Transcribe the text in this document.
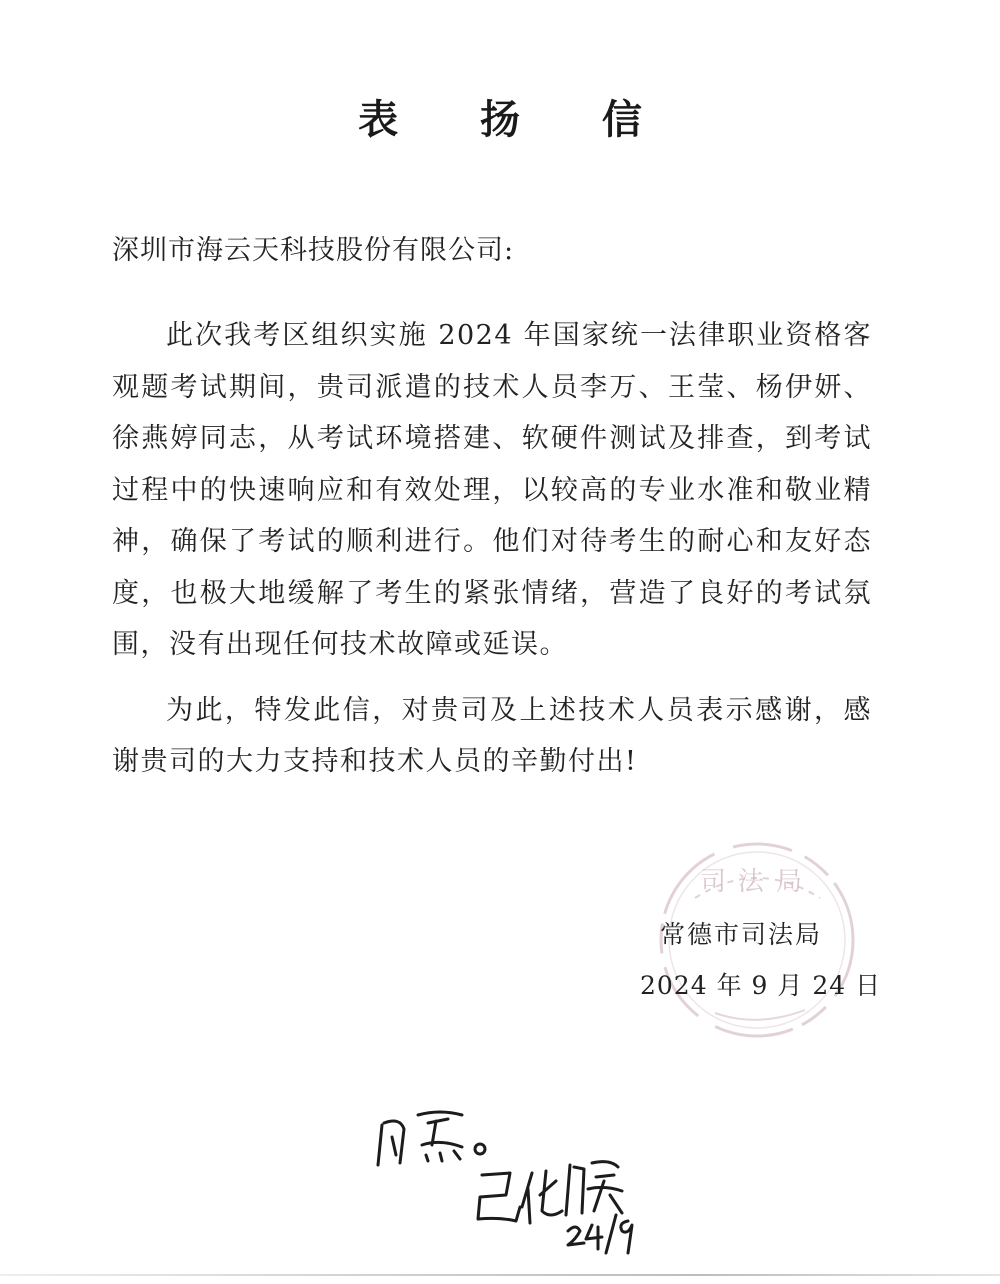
表 扬 信
深圳市海云天科技股份有限公司:

此次我考区组织实施 2024 年国家统一法律职业资格客观题考试期间，贵司派遣的技术人员李万、王莹、杨伊妍、徐燕婷同志，从考试环境搭建、软硬件测试及排查，到考试过程中的快速响应和有效处理，以较高的专业水准和敬业精神，确保了考试的顺利进行。他们对待考生的耐心和友好态度，也极大地缓解了考生的紧张情绪，营造了良好的考试氛围，没有出现任何技术故障或延误。

为此，特发此信，对贵司及上述技术人员表示感谢，感谢贵司的大力支持和技术人员的辛勤付出!

司法局
常德市司法局
2024 年 9 月 24 日
